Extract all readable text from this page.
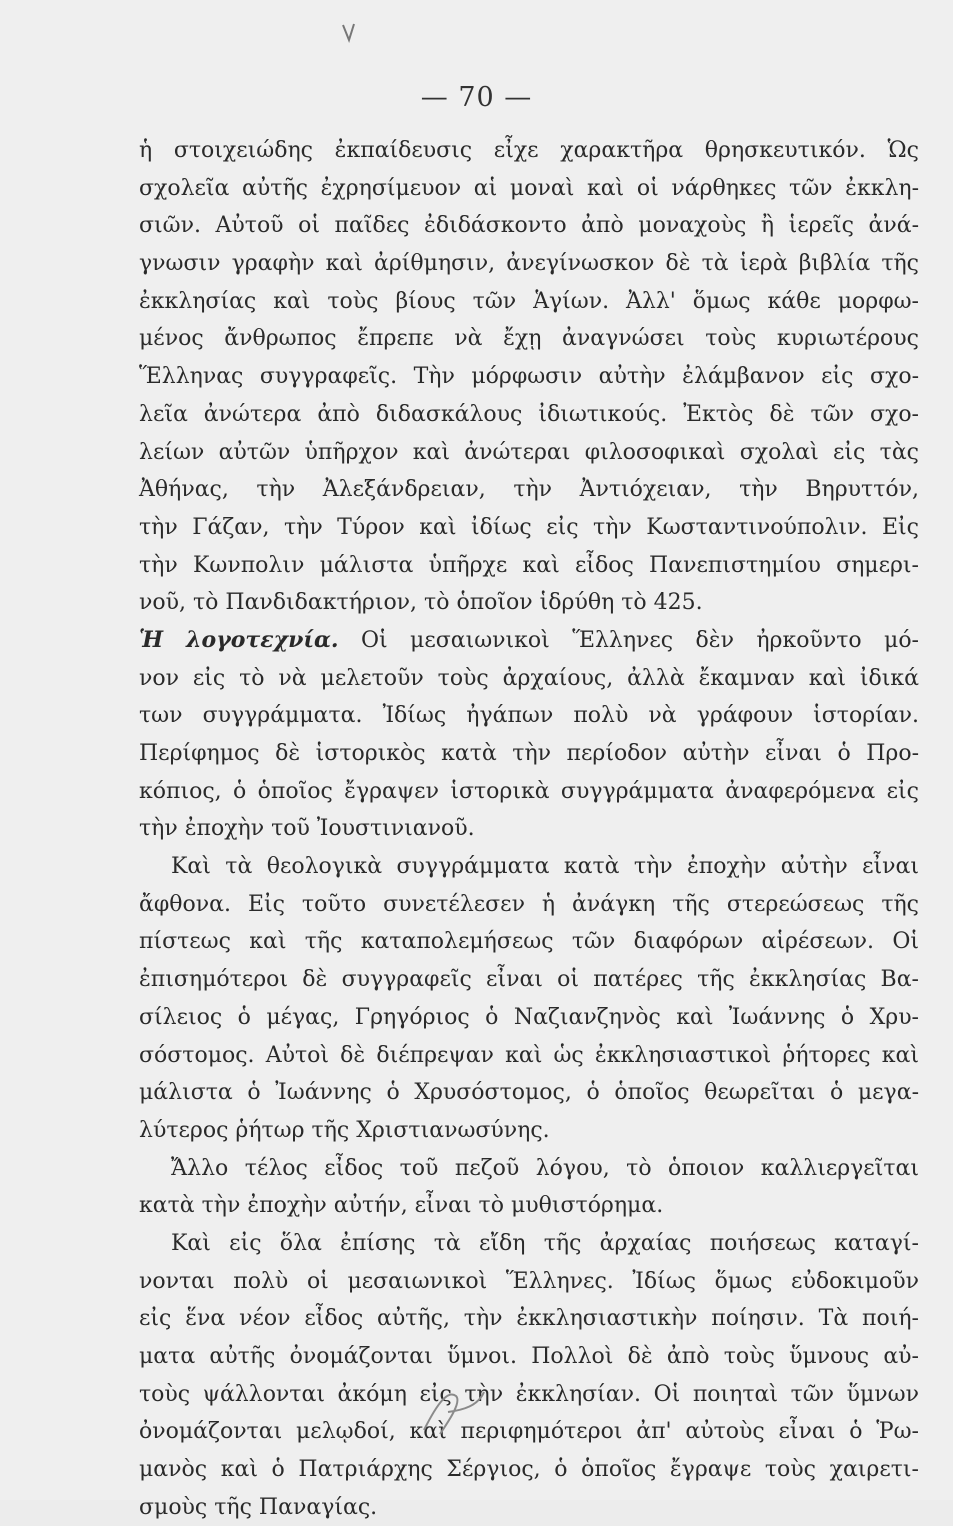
— 70 —
ἡ στοιχειώδης ἐκπαίδευσις εἶχε χαρακτῆρα θρησκευτικόν. Ὡς
σχολεῖα αὐτῆς ἐχρησίμευον αἱ μοναὶ καὶ οἱ νάρθηκες τῶν ἐκκλη-
σιῶν. Αὐτοῦ οἱ παῖδες ἐδιδάσκοντο ἀπὸ μοναχοὺς ἢ ἱερεῖς ἀνά-
γνωσιν γραφὴν καὶ ἀρίθμησιν, ἀνεγίνωσκον δὲ τὰ ἱερὰ βιβλία τῆς
ἐκκλησίας καὶ τοὺς βίους τῶν Ἁγίων. Ἀλλ' ὅμως κάθε μορφω-
μένος ἄνθρωπος ἔπρεπε νὰ ἔχῃ ἀναγνώσει τοὺς κυριωτέρους
Ἕλληνας συγγραφεῖς. Τὴν μόρφωσιν αὐτὴν ἐλάμβανον εἰς σχο-
λεῖα ἀνώτερα ἀπὸ διδασκάλους ἰδιωτικούς. Ἐκτὸς δὲ τῶν σχο-
λείων αὐτῶν ὑπῆρχον καὶ ἀνώτεραι φιλοσοφικαὶ σχολαὶ εἰς τὰς
Ἀθήνας, τὴν Ἀλεξάνδρειαν, τὴν Ἀντιόχειαν, τὴν Βηρυττόν,
τὴν Γάζαν, τὴν Τύρον καὶ ἰδίως εἰς τὴν Κωσταντινούπολιν. Εἰς
τὴν Κωνπολιν μάλιστα ὑπῆρχε καὶ εἶδος Πανεπιστημίου σημερι-
νοῦ, τὸ Πανδιδακτήριον, τὸ ὁποῖον ἱδρύθη τὸ 425.
Ἡ λογοτεχνία. Οἱ μεσαιωνικοὶ Ἕλληνες δὲν ἠρκοῦντο μό-
νον εἰς τὸ νὰ μελετοῦν τοὺς ἀρχαίους, ἀλλὰ ἔκαμναν καὶ ἰδικά
των συγγράμματα. Ἰδίως ἠγάπων πολὺ νὰ γράφουν ἱστορίαν.
Περίφημος δὲ ἱστορικὸς κατὰ τὴν περίοδον αὐτὴν εἶναι ὁ Προ-
κόπιος, ὁ ὁποῖος ἔγραψεν ἱστορικὰ συγγράμματα ἀναφερόμενα εἰς
τὴν ἐποχὴν τοῦ Ἰουστινιανοῦ.
Καὶ τὰ θεολογικὰ συγγράμματα κατὰ τὴν ἐποχὴν αὐτὴν εἶναι
ἄφθονα. Εἰς τοῦτο συνετέλεσεν ἡ ἀνάγκη τῆς στερεώσεως τῆς
πίστεως καὶ τῆς καταπολεμήσεως τῶν διαφόρων αἱρέσεων. Οἱ
ἐπισημότεροι δὲ συγγραφεῖς εἶναι οἱ πατέρες τῆς ἐκκλησίας Βα-
σίλειος ὁ μέγας, Γρηγόριος ὁ Ναζιανζηνὸς καὶ Ἰωάννης ὁ Χρυ-
σόστομος. Αὐτοὶ δὲ διέπρεψαν καὶ ὡς ἐκκλησιαστικοὶ ῥήτορες καὶ
μάλιστα ὁ Ἰωάννης ὁ Χρυσόστομος, ὁ ὁποῖος θεωρεῖται ὁ μεγα-
λύτερος ῥήτωρ τῆς Χριστιανωσύνης.
Ἄλλο τέλος εἶδος τοῦ πεζοῦ λόγου, τὸ ὁποιον καλλιεργεῖται
κατὰ τὴν ἐποχὴν αὐτήν, εἶναι τὸ μυθιστόρημα.
Καὶ εἰς ὅλα ἐπίσης τὰ εἴδη τῆς ἀρχαίας ποιήσεως καταγί-
νονται πολὺ οἱ μεσαιωνικοὶ Ἕλληνες. Ἰδίως ὅμως εὐδοκιμοῦν
εἰς ἕνα νέον εἶδος αὐτῆς, τὴν ἐκκλησιαστικὴν ποίησιν. Τὰ ποιή-
ματα αὐτῆς ὀνομάζονται ὕμνοι. Πολλοὶ δὲ ἀπὸ τοὺς ὕμνους αὐ-
τοὺς ψάλλονται ἀκόμη εἰς τὴν ἐκκλησίαν. Οἱ ποιηταὶ τῶν ὕμνων
ὀνομάζονται μελῳδοί, καὶ περιφημότεροι ἀπ' αὐτοὺς εἶναι ὁ Ῥω-
μανὸς καὶ ὁ Πατριάρχης Σέργιος, ὁ ὁποῖος ἔγραψε τοὺς χαιρετι-
σμοὺς τῆς Παναγίας.
